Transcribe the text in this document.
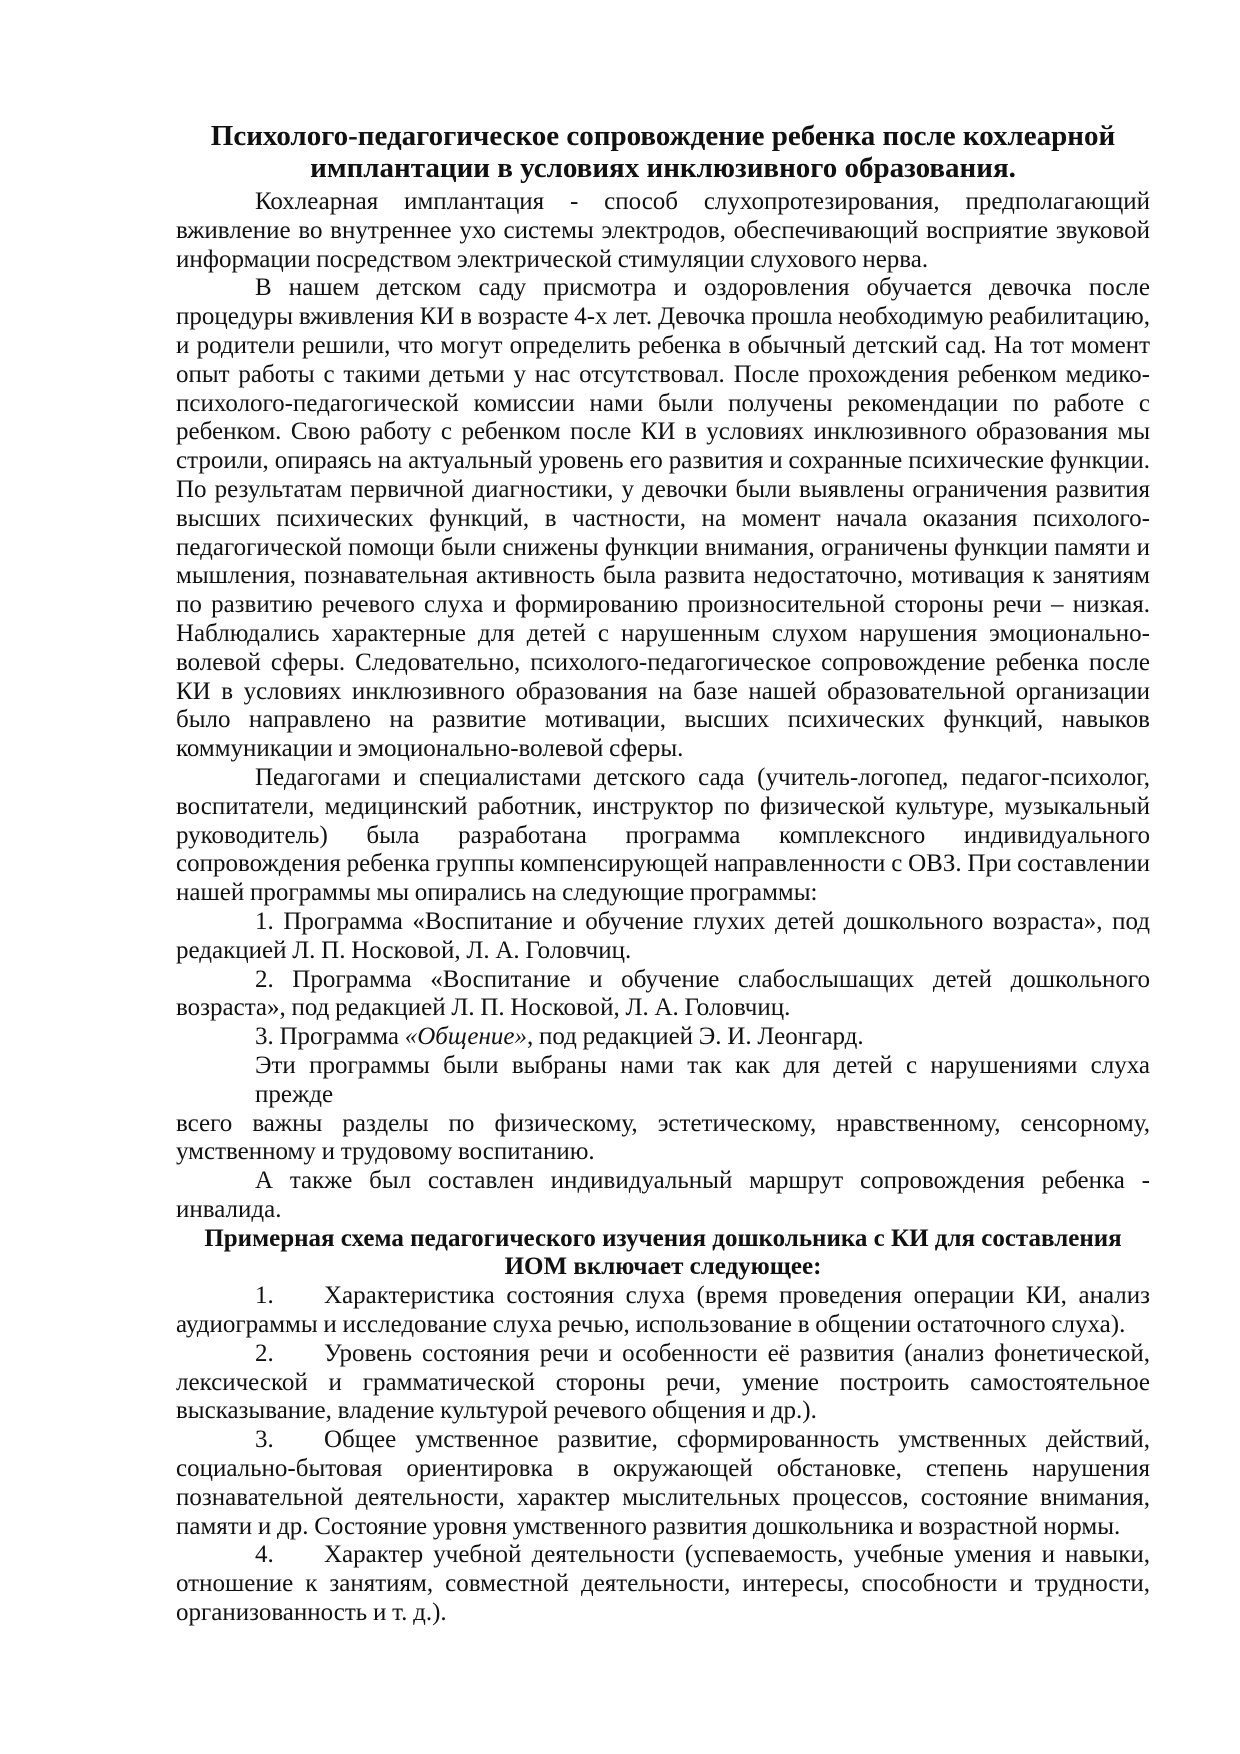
Психолого-педагогическое сопровождение ребенка после кохлеарной
имплантации в условиях инклюзивного образования.
Кохлеарная имплантация - способ слухопротезирования, предполагающий
вживление во внутреннее ухо системы электродов, обеспечивающий восприятие звуковой
информации посредством электрической стимуляции слухового нерва.
В нашем детском саду присмотра и оздоровления обучается девочка после
процедуры вживления КИ в возрасте 4-х лет. Девочка прошла необходимую реабилитацию,
и родители решили, что могут определить ребенка в обычный детский сад. На тот момент
опыт работы с такими детьми у нас отсутствовал. После прохождения ребенком медико-
психолого-педагогической комиссии нами были получены рекомендации по работе с
ребенком. Свою работу с ребенком после КИ в условиях инклюзивного образования мы
строили, опираясь на актуальный уровень его развития и сохранные психические функции.
По результатам первичной диагностики, у девочки были выявлены ограничения развития
высших психических функций, в частности, на момент начала оказания психолого-
педагогической помощи были снижены функции внимания, ограничены функции памяти и
мышления, познавательная активность была развита недостаточно, мотивация к занятиям
по развитию речевого слуха и формированию произносительной стороны речи – низкая.
Наблюдались характерные для детей с нарушенным слухом нарушения эмоционально-
волевой сферы. Следовательно, психолого-педагогическое сопровождение ребенка после
КИ в условиях инклюзивного образования на базе нашей образовательной организации
было направлено на развитие мотивации, высших психических функций, навыков
коммуникации и эмоционально-волевой сферы.
Педагогами и специалистами детского сада (учитель-логопед, педагог-психолог,
воспитатели, медицинский работник, инструктор по физической культуре, музыкальный
руководитель) была разработана программа комплексного индивидуального
сопровождения ребенка группы компенсирующей направленности с ОВЗ. При составлении
нашей программы мы опирались на следующие программы:
1. Программа «Воспитание и обучение глухих детей дошкольного возраста», под
редакцией Л. П. Носковой, Л. А. Головчиц.
2. Программа «Воспитание и обучение слабослышащих детей дошкольного
возраста», под редакцией Л. П. Носковой, Л. А. Головчиц.
3. Программа «Общение», под редакцией Э. И. Леонгард.
Эти программы были выбраны нами так как для детей с нарушениями слуха прежде
всего важны разделы по физическому, эстетическому, нравственному, сенсорному,
умственному и трудовому воспитанию.
А также был составлен индивидуальный маршрут сопровождения ребенка -
инвалида.
Примерная схема педагогического изучения дошкольника с КИ для составления
ИОМ включает следующее:
1.	Характеристика состояния слуха (время проведения операции КИ, анализ
аудиограммы и исследование слуха речью, использование в общении остаточного слуха).
2.	Уровень состояния речи и особенности её развития (анализ фонетической,
лексической и грамматической стороны речи, умение построить самостоятельное
высказывание, владение культурой речевого общения и др.).
3.	Общее умственное развитие, сформированность умственных действий,
социально-бытовая ориентировка в окружающей обстановке, степень нарушения
познавательной деятельности, характер мыслительных процессов, состояние внимания,
памяти и др. Состояние уровня умственного развития дошкольника и возрастной нормы.
4.	Характер учебной деятельности (успеваемость, учебные умения и навыки,
отношение к занятиям, совместной деятельности, интересы, способности и трудности,
организованность и т. д.).
